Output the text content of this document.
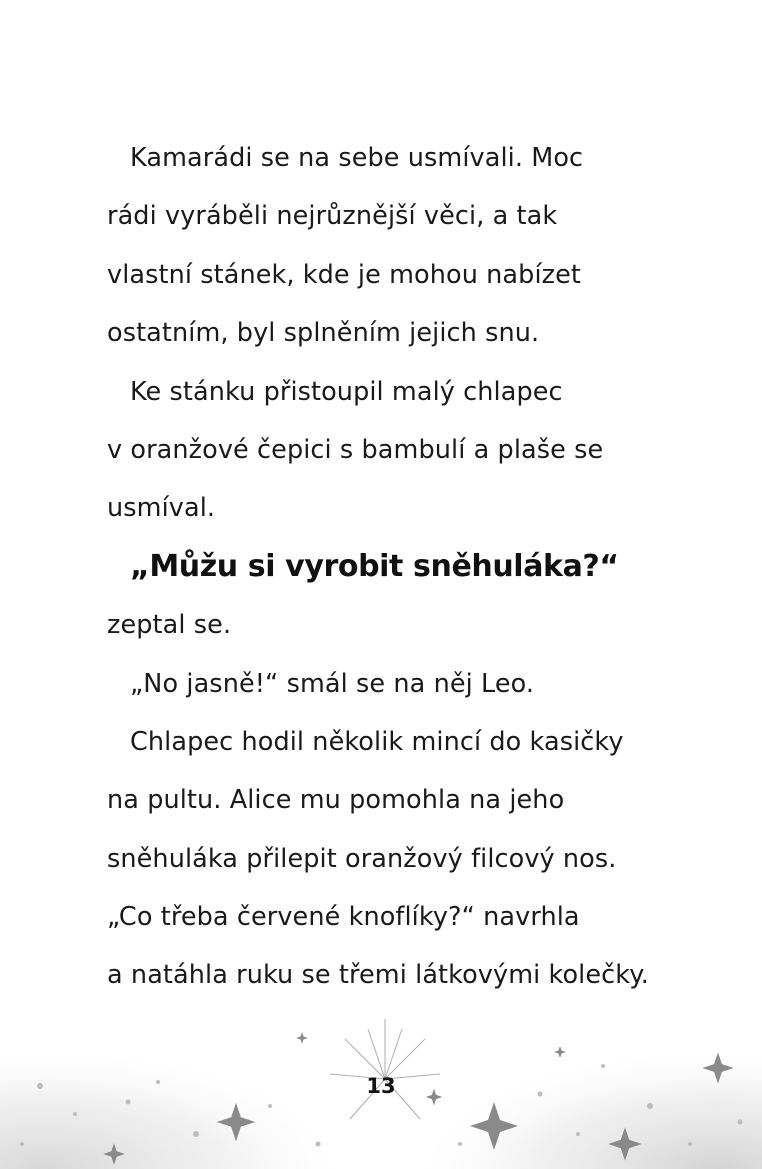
Kamarádi se na sebe usmívali. Moc
rádi vyráběli nejrůznější věci, a tak
vlastní stánek, kde je mohou nabízet
ostatním, byl splněním jejich snu.
Ke stánku přistoupil malý chlapec
v oranžové čepici s bambulí a plaše se
usmíval.
„Můžu si vyrobit sněhuláka?“
zeptal se.
„No jasně!“ smál se na něj Leo.
Chlapec hodil několik mincí do kasičky
na pultu. Alice mu pomohla na jeho
sněhuláka přilepit oranžový filcový nos.
„Co třeba červené knoflíky?“ navrhla
a natáhla ruku se třemi látkovými kolečky.
13
